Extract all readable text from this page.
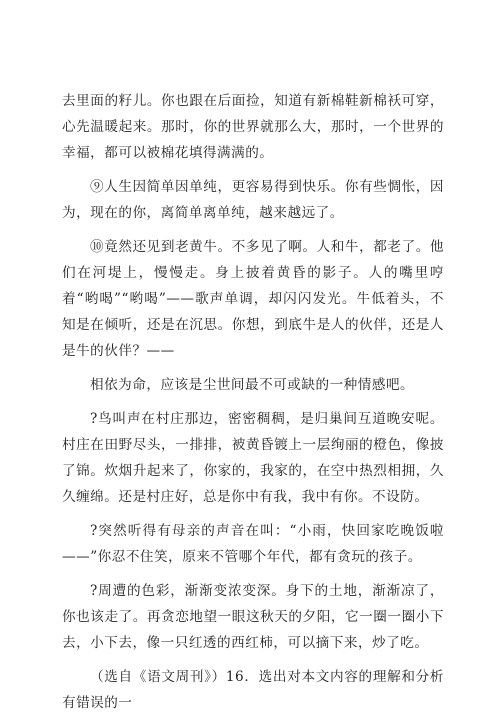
去里面的籽儿。你也跟在后面捡，知道有新棉鞋新棉袄可穿，心先温暖起来。那时，你的世界就那么大，那时，一个世界的幸福，都可以被棉花填得满满的。

⑨人生因简单因单纯，更容易得到快乐。你有些惆怅，因为，现在的你，离简单离单纯，越来越远了。

⑩竟然还见到老黄牛。不多见了啊。人和牛，都老了。他们在河堤上，慢慢走。身上披着黄昏的影子。人的嘴里哼着“哟喝”“哟喝”——歌声单调，却闪闪发光。牛低着头，不知是在倾听，还是在沉思。你想，到底牛是人的伙伴，还是人是牛的伙伴？——

相依为命，应该是尘世间最不可或缺的一种情感吧。

?鸟叫声在村庄那边，密密稠稠，是归巢间互道晚安呢。村庄在田野尽头，一排排，被黄昏镀上一层绚丽的橙色，像披了锦。炊烟升起来了，你家的，我家的，在空中热烈相拥，久久缠绵。还是村庄好，总是你中有我，我中有你。不设防。

?突然听得有母亲的声音在叫：“小雨，快回家吃晚饭啦——”你忍不住笑，原来不管哪个年代，都有贪玩的孩子。

?周遭的色彩，渐渐变浓变深。身下的土地，渐渐凉了，你也该走了。再贪恋地望一眼这秋天的夕阳，它一圈一圈小下去，小下去，像一只红透的西红柿，可以摘下来，炒了吃。

（选自《语文周刊》）16．选出对本文内容的理解和分析有错误的一
